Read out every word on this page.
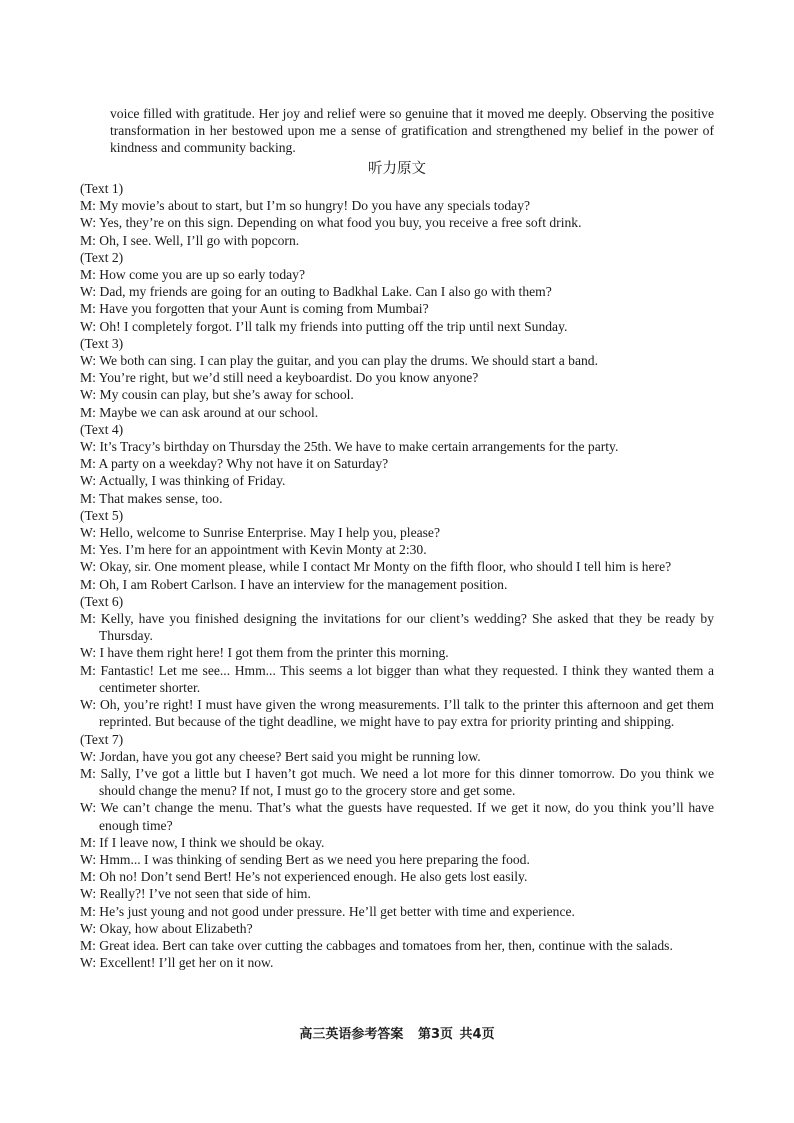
voice filled with gratitude. Her joy and relief were so genuine that it moved me deeply. Observing the positive transformation in her bestowed upon me a sense of gratification and strengthened my belief in the power of kindness and community backing.

听力原文

(Text 1)

M: My movie’s about to start, but I’m so hungry! Do you have any specials today?

W: Yes, they’re on this sign. Depending on what food you buy, you receive a free soft drink.

M: Oh, I see. Well, I’ll go with popcorn.

(Text 2)

M: How come you are up so early today?

W: Dad, my friends are going for an outing to Badkhal Lake. Can I also go with them?

M: Have you forgotten that your Aunt is coming from Mumbai?

W: Oh! I completely forgot. I’ll talk my friends into putting off the trip until next Sunday.

(Text 3)

W: We both can sing. I can play the guitar, and you can play the drums. We should start a band.

M: You’re right, but we’d still need a keyboardist. Do you know anyone?

W: My cousin can play, but she’s away for school.

M: Maybe we can ask around at our school.

(Text 4)

W: It’s Tracy’s birthday on Thursday the 25th. We have to make certain arrangements for the party.

M: A party on a weekday? Why not have it on Saturday?

W: Actually, I was thinking of Friday.

M: That makes sense, too.

(Text 5)

W: Hello, welcome to Sunrise Enterprise. May I help you, please?

M: Yes. I’m here for an appointment with Kevin Monty at 2:30.

W: Okay, sir. One moment please, while I contact Mr Monty on the fifth floor, who should I tell him is here?

M: Oh, I am Robert Carlson. I have an interview for the management position.

(Text 6)

M: Kelly, have you finished designing the invitations for our client’s wedding? She asked that they be ready by Thursday.

W: I have them right here! I got them from the printer this morning.

M: Fantastic! Let me see... Hmm... This seems a lot bigger than what they requested. I think they wanted them a centimeter shorter.

W: Oh, you’re right! I must have given the wrong measurements. I’ll talk to the printer this afternoon and get them reprinted. But because of the tight deadline, we might have to pay extra for priority printing and shipping.

(Text 7)

W: Jordan, have you got any cheese? Bert said you might be running low.

M: Sally, I’ve got a little but I haven’t got much. We need a lot more for this dinner tomorrow. Do you think we should change the menu? If not, I must go to the grocery store and get some.

W: We can’t change the menu. That’s what the guests have requested. If we get it now, do you think you’ll have enough time?

M: If I leave now, I think we should be okay.

W: Hmm... I was thinking of sending Bert as we need you here preparing the food.

M: Oh no! Don’t send Bert! He’s not experienced enough. He also gets lost easily.

W: Really?! I’ve not seen that side of him.

M: He’s just young and not good under pressure. He’ll get better with time and experience.

W: Okay, how about Elizabeth?

M: Great idea. Bert can take over cutting the cabbages and tomatoes from her, then, continue with the salads.

W: Excellent! I’ll get her on it now.

高三英语参考答案 第3页 共4页
